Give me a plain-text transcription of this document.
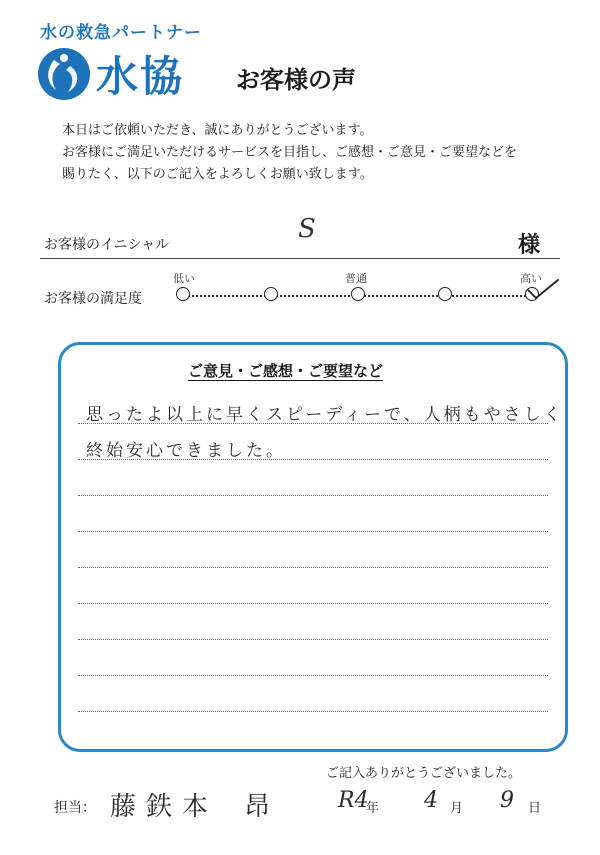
水の救急パートナー
水協 お客様の声
本日はご依頼いただき、誠にありがとうございます。
お客様にご満足いただけるサービスを目指し、ご感想・ご意見・ご要望などを
賜りたく、以下のご記入をよろしくお願い致します。
お客様のイニシャル
S
様
お客様の満足度
低い	普通	高い
ご意見・ご感想・ご要望など
思ったよ以上に早くスピーディーで、人柄もやさしく
終始安心できました。
ご記入ありがとうございました。
担当： 藤鉄本 昂	R4
年 4 月 9 日
